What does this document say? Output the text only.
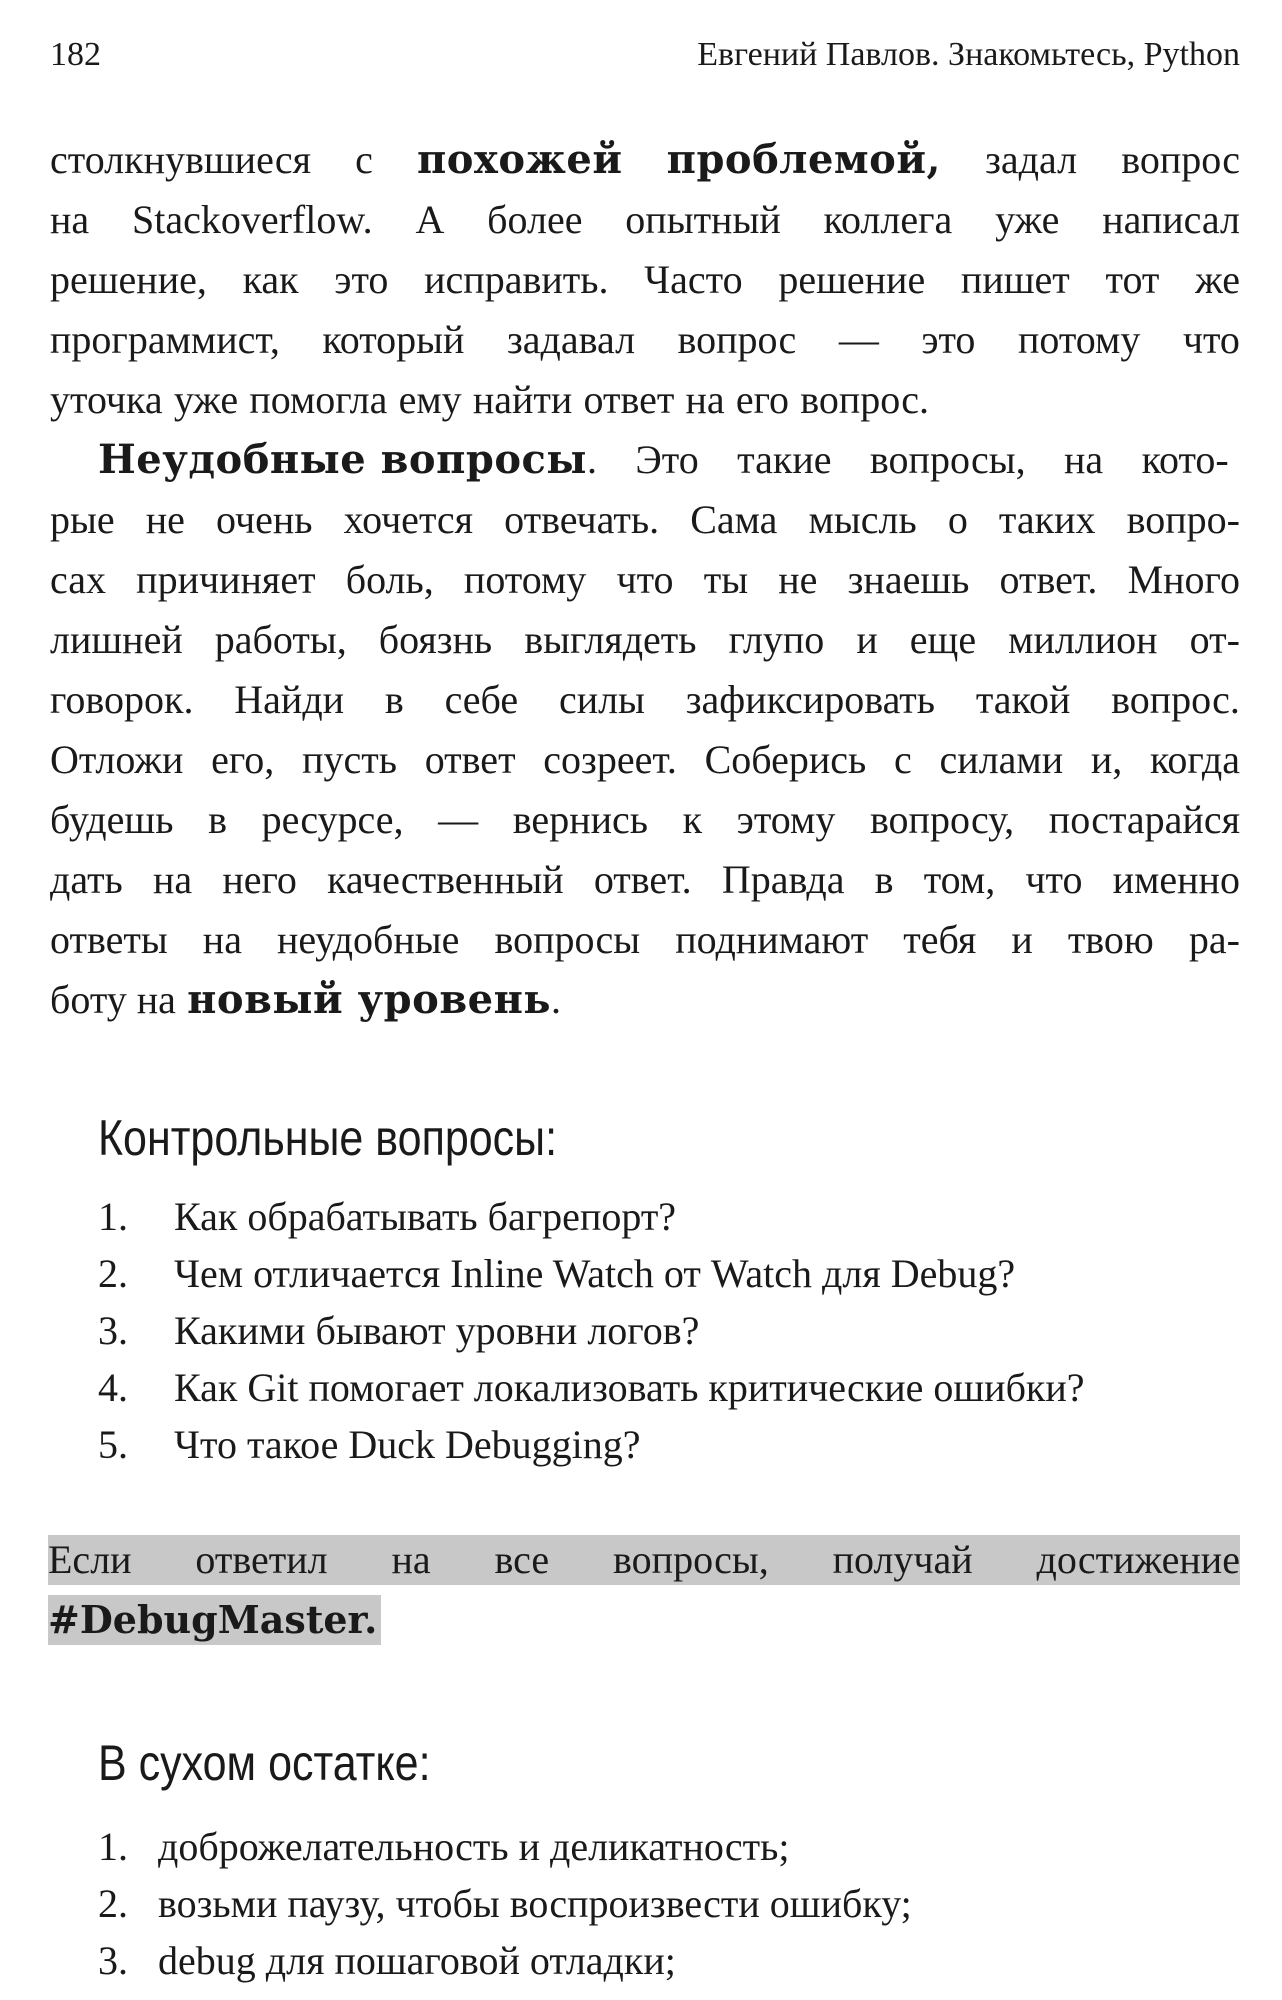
182	Евгений Павлов. Знакомьтесь, Python
столкнувшиеся с похожей проблемой, задал вопрос
на Stackoverflow. А более опытный коллега уже написал
решение, как это исправить. Часто решение пишет тот же
программист, который задавал вопрос — это потому что
уточка уже помогла ему найти ответ на его вопрос.
Неудобные вопросы . Это такие вопросы, на кото-
рые не очень хочется отвечать. Сама мысль о таких вопро-
сах причиняет боль, потому что ты не знаешь ответ. Много
лишней работы, боязнь выглядеть глупо и еще миллион от-
говорок. Найди в себе силы зафиксировать такой вопрос.
Отложи его, пусть ответ созреет. Соберись с силами и, когда
будешь в ресурсе, — вернись к этому вопросу, постарайся
дать на него качественный ответ. Правда в том, что именно
ответы на неудобные вопросы поднимают тебя и твою ра-
боту на новый уровень .
Контрольные вопросы:
1. Как обрабатывать багрепорт?
2. Чем отличается Inline Watch от Watch для Debug?
3. Какими бывают уровни логов?
4. Как Git помогает локализовать критические ошибки?
5. Что такое Duck Debugging?
Если ответил на все вопросы, получай достижение
#DebugMaster.
В сухом остатке:
1. доброжелательность и деликатность;
2. возьми паузу, чтобы воспроизвести ошибку;
3. debug для пошаговой отладки;
